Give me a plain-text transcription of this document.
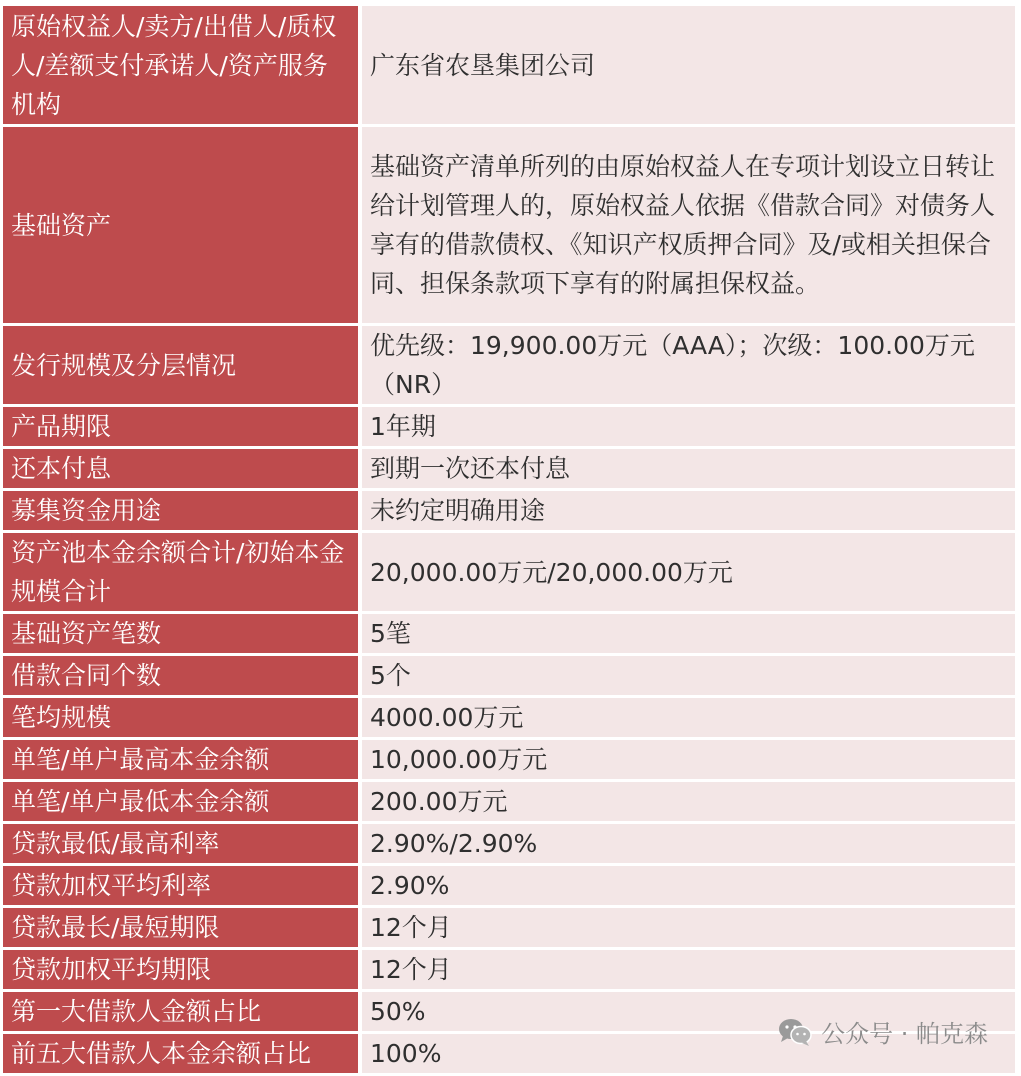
原始权益人/卖方/出借人/质权人/差额支付承诺人/资产服务机构	广东省农垦集团公司
基础资产	基础资产清单所列的由原始权益人在专项计划设立日转让给计划管理人的，原始权益人依据《借款合同》对债务人享有的借款债权、《知识产权质押合同》及/或相关担保合同、担保条款项下享有的附属担保权益。
发行规模及分层情况	优先级：19,900.00万元（AAA）；次级：100.00万元（NR）
产品期限	1年期
还本付息	到期一次还本付息
募集资金用途	未约定明确用途
资产池本金余额合计/初始本金规模合计	20,000.00万元/20,000.00万元
基础资产笔数	5笔
借款合同个数	5个
笔均规模	4000.00万元
单笔/单户最高本金余额	10,000.00万元
单笔/单户最低本金余额	200.00万元
贷款最低/最高利率	2.90%/2.90%
贷款加权平均利率	2.90%
贷款最长/最短期限	12个月
贷款加权平均期限	12个月
第一大借款人金额占比	50%
前五大借款人本金余额占比	100%
公众号 · 帕克森
